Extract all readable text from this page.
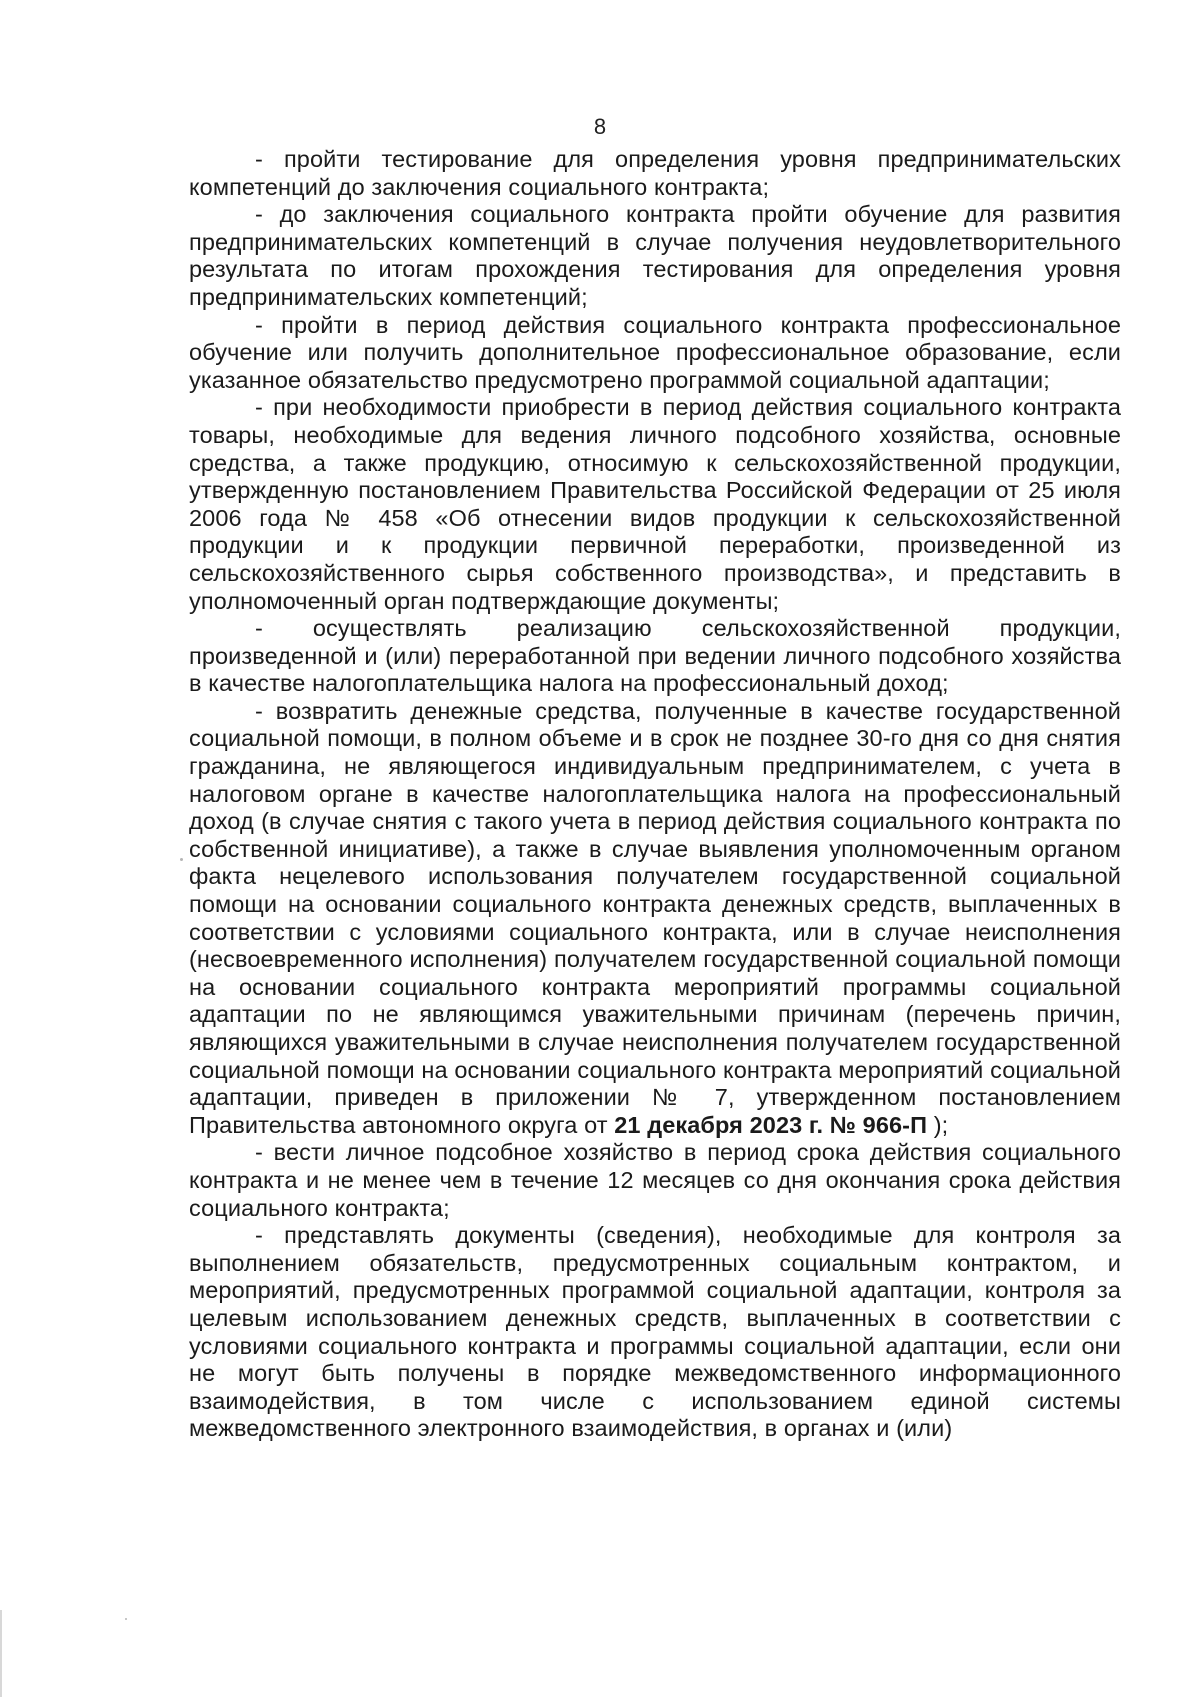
8

- пройти тестирование для определения уровня предпринимательских компетенций до заключения социального контракта;

- до заключения социального контракта пройти обучение для развития предпринимательских компетенций в случае получения неудовлетворительного результата по итогам прохождения тестирования для определения уровня предпринимательских компетенций;

- пройти в период действия социального контракта профессиональное обучение или получить дополнительное профессиональное образование, если указанное обязательство предусмотрено программой социальной адаптации;

- при необходимости приобрести в период действия социального контракта товары, необходимые для ведения личного подсобного хозяйства, основные средства, а также продукцию, относимую к сельскохозяйственной продукции, утвержденную постановлением Правительства Российской Федерации от 25 июля 2006 года № 458 «Об отнесении видов продукции к сельскохозяйственной продукции и к продукции первичной переработки, произведенной из сельскохозяйственного сырья собственного производства», и представить в уполномоченный орган подтверждающие документы;

- осуществлять реализацию сельскохозяйственной продукции, произведенной и (или) переработанной при ведении личного подсобного хозяйства в качестве налогоплательщика налога на профессиональный доход;

- возвратить денежные средства, полученные в качестве государственной социальной помощи, в полном объеме и в срок не позднее 30-го дня со дня снятия гражданина, не являющегося индивидуальным предпринимателем, с учета в налоговом органе в качестве налогоплательщика налога на профессиональный доход (в случае снятия с такого учета в период действия социального контракта по собственной инициативе), а также в случае выявления уполномоченным органом факта нецелевого использования получателем государственной социальной помощи на основании социального контракта денежных средств, выплаченных в соответствии с условиями социального контракта, или в случае неисполнения (несвоевременного исполнения) получателем государственной социальной помощи на основании социального контракта мероприятий программы социальной адаптации по не являющимся уважительными причинам (перечень причин, являющихся уважительными в случае неисполнения получателем государственной социальной помощи на основании социального контракта мероприятий социальной адаптации, приведен в приложении № 7, утвержденном постановлением Правительства автономного округа от 21 декабря 2023 г. № 966-П );

- вести личное подсобное хозяйство в период срока действия социального контракта и не менее чем в течение 12 месяцев со дня окончания срока действия социального контракта;

- представлять документы (сведения), необходимые для контроля за выполнением обязательств, предусмотренных социальным контрактом, и мероприятий, предусмотренных программой социальной адаптации, контроля за целевым использованием денежных средств, выплаченных в соответствии с условиями социального контракта и программы социальной адаптации, если они не могут быть получены в порядке межведомственного информационного взаимодействия, в том числе с использованием единой системы межведомственного электронного взаимодействия, в органах и (или)
